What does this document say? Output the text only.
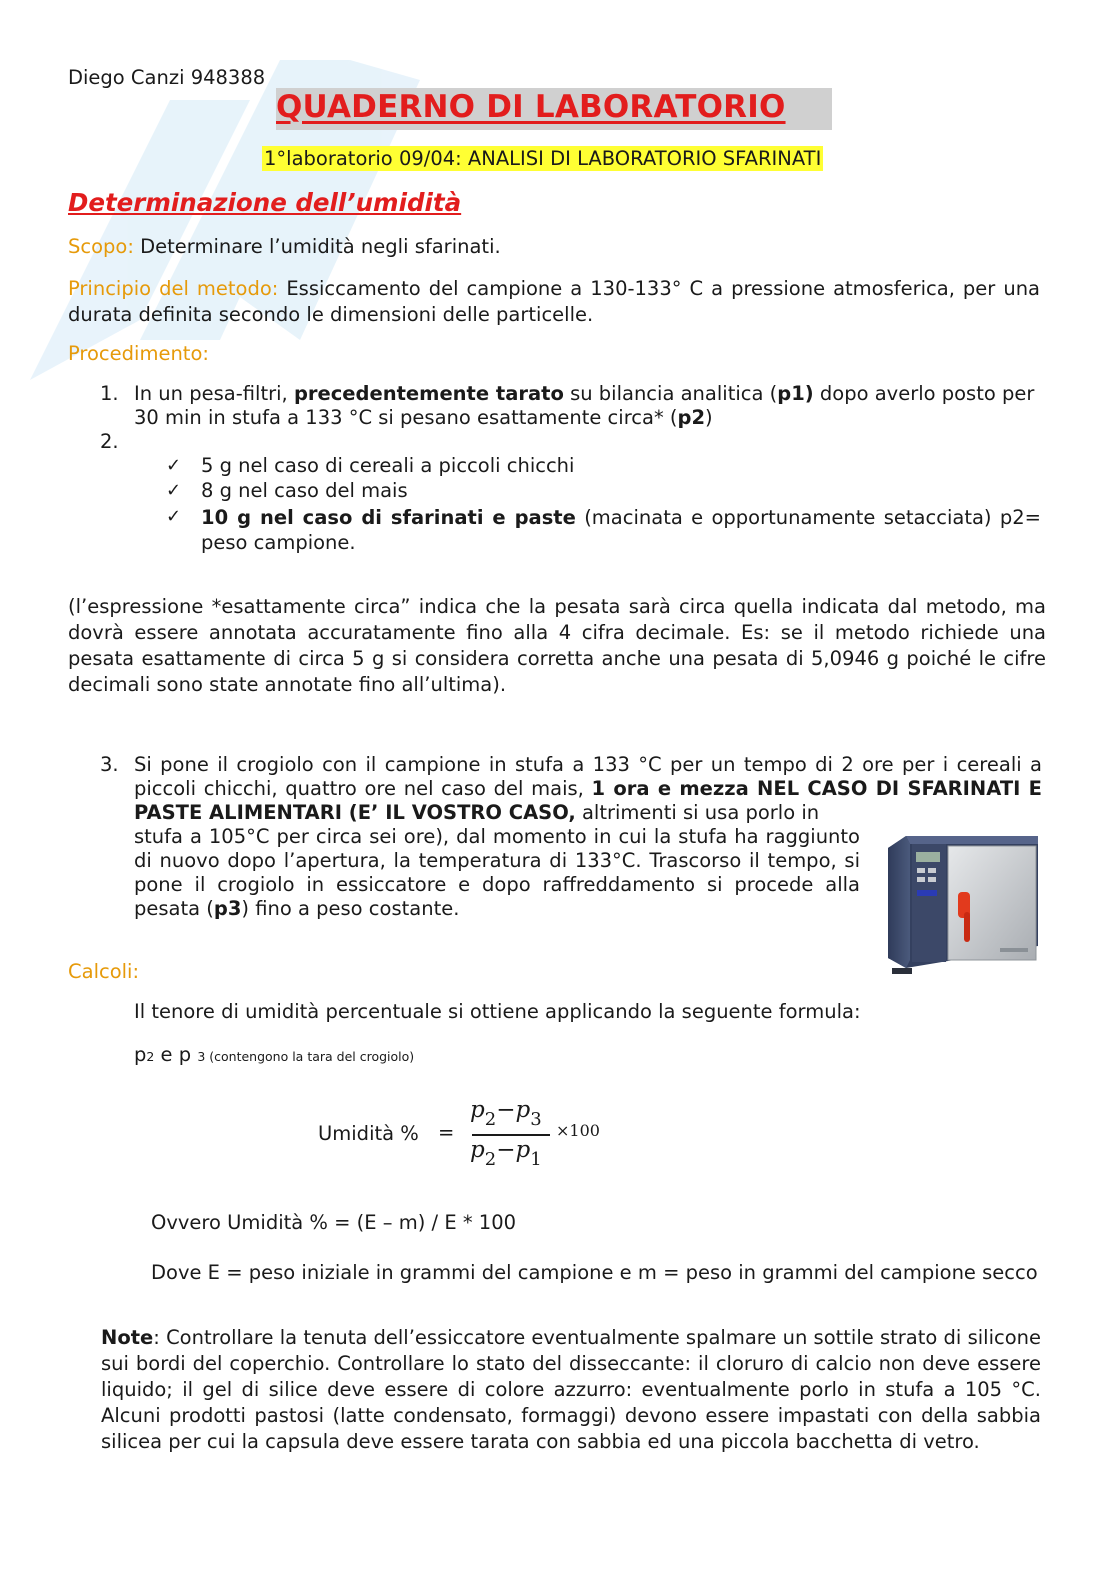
Diego Canzi 948388
QUADERNO DI LABORATORIO
1°laboratorio 09/04: ANALISI DI LABORATORIO SFARINATI
Determinazione dell’umidità

Scopo: Determinare l’umidità negli sfarinati.

Principio del metodo: Essiccamento del campione a 130-133° C a pressione atmosferica, per una durata definita secondo le dimensioni delle particelle.

Procedimento:

1. In un pesa-filtri, precedentemente tarato su bilancia analitica (p1) dopo averlo posto per 30 min in stufa a 133 °C si pesano esattamente circa* (p2)

2.
✓ 5 g nel caso di cereali a piccoli chicchi
✓ 8 g nel caso del mais
✓ 10 g nel caso di sfarinati e paste (macinata e opportunamente setacciata) p2= peso campione.

(l’espressione *esattamente circa” indica che la pesata sarà circa quella indicata dal metodo, ma dovrà essere annotata accuratamente fino alla 4 cifra decimale. Es: se il metodo richiede una pesata esattamente di circa 5 g si considera corretta anche una pesata di 5,0946 g poiché le cifre decimali sono state annotate fino all’ultima).

3. Si pone il crogiolo con il campione in stufa a 133 °C per un tempo di 2 ore per i cereali a piccoli chicchi, quattro ore nel caso del mais, 1 ora e mezza NEL CASO DI SFARINATI E PASTE ALIMENTARI (E’ IL VOSTRO CASO, altrimenti si usa porlo in

stufa a 105°C per circa sei ore), dal momento in cui la stufa ha raggiunto di nuovo dopo l’apertura, la temperatura di 133°C. Trascorso il tempo, si pone il crogiolo in essiccatore e dopo raffreddamento si procede alla pesata (p3) fino a peso costante.

Calcoli:

Il tenore di umidità percentuale si ottiene applicando la seguente formula:

p2 e p 3 (contengono la tara del crogiolo)

Umidità % =
$p_2-p_3$
$p_2-p_1$
×100

Ovvero Umidità % = (E – m) / E * 100

Dove E = peso iniziale in grammi del campione e m = peso in grammi del campione secco

Note: Controllare la tenuta dell’essiccatore eventualmente spalmare un sottile strato di silicone sui bordi del coperchio. Controllare lo stato del disseccante: il cloruro di calcio non deve essere liquido; il gel di silice deve essere di colore azzurro: eventualmente porlo in stufa a 105 °C. Alcuni prodotti pastosi (latte condensato, formaggi) devono essere impastati con della sabbia silicea per cui la capsula deve essere tarata con sabbia ed una piccola bacchetta di vetro.
